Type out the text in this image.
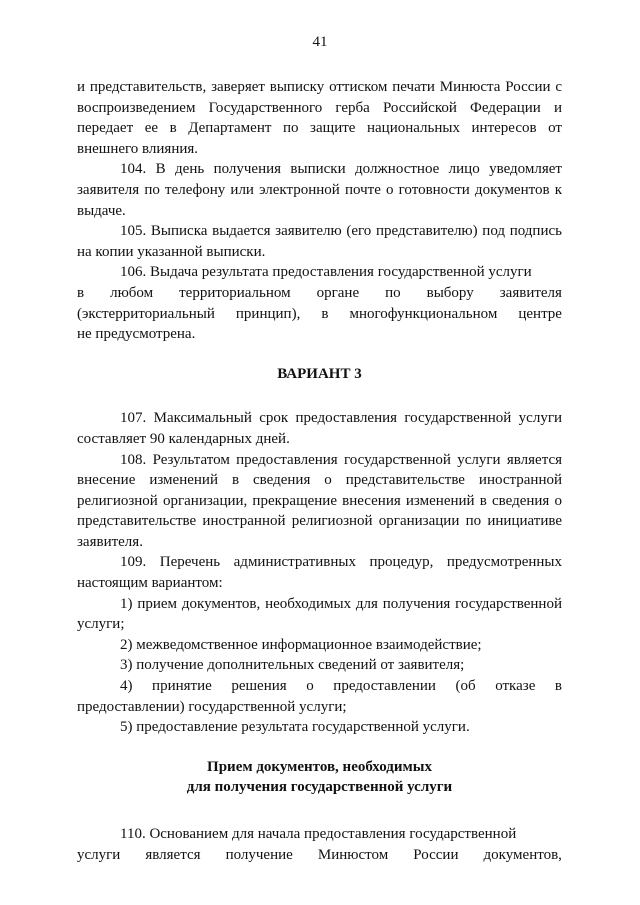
41

и представительств, заверяет выписку оттиском печати Минюста России с воспроизведением Государственного герба Российской Федерации и передает ее в Департамент по защите национальных интересов от внешнего влияния.

104. В день получения выписки должностное лицо уведомляет заявителя по телефону или электронной почте о готовности документов к выдаче.

105. Выписка выдается заявителю (его представителю) под подпись на копии указанной выписки.

106. Выдача результата предоставления государственной услуги

в любом территориальном органе по выбору заявителя
(экстерриториальный принцип), в многофункциональном центре

не предусмотрена.

ВАРИАНТ 3

107. Максимальный срок предоставления государственной услуги составляет 90 календарных дней.

108. Результатом предоставления государственной услуги является внесение изменений в сведения о представительстве иностранной религиозной организации, прекращение внесения изменений в сведения о представительстве иностранной религиозной организации по инициативе заявителя.

109. Перечень административных процедур, предусмотренных настоящим вариантом:

1) прием документов, необходимых для получения государственной услуги;

2) межведомственное информационное взаимодействие;

3) получение дополнительных сведений от заявителя;

4) принятие решения о предоставлении (об отказе в предоставлении) государственной услуги;

5) предоставление результата государственной услуги.

Прием документов, необходимых

для получения государственной услуги

110. Основанием для начала предоставления государственной

услуги является получение Минюстом России документов,
